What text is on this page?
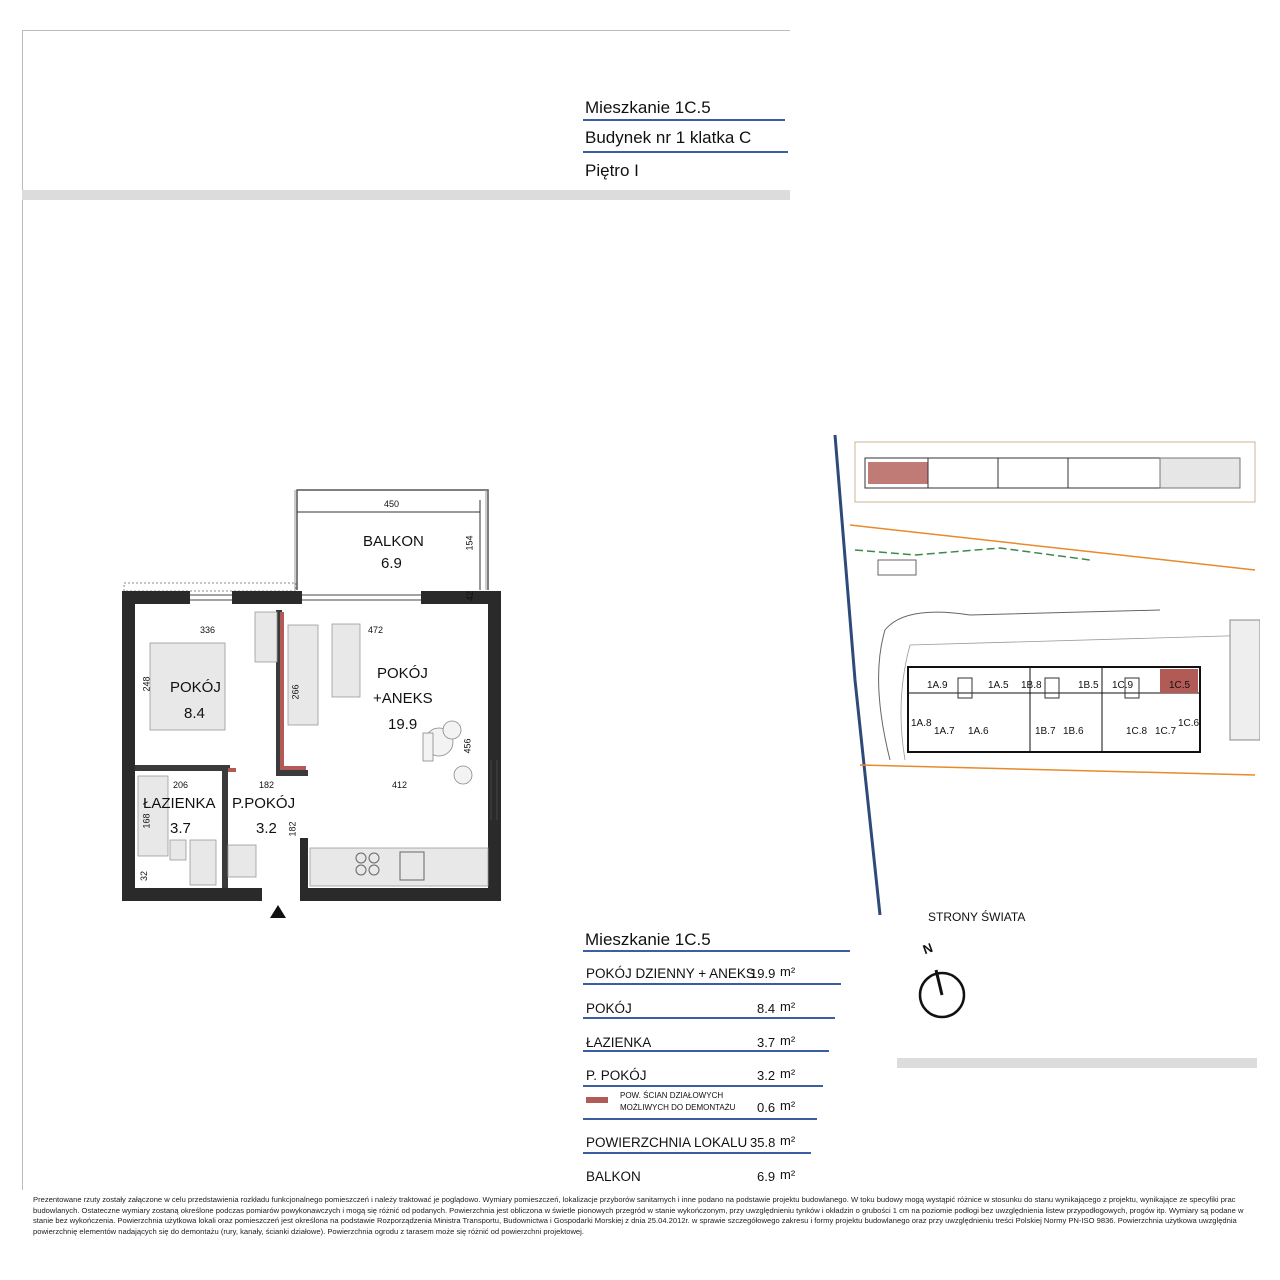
Mieszkanie 1C.5
Budynek nr 1 klatka C
Piętro I
BALKON
6.9
POKÓJ
8.4
POKÓJ
+ANEKS
19.9
ŁAZIENKA
3.7
P.POKÓJ
3.2
450
154
42
336	472
248
266
456
206	182	412
168
182
32
1A.9	1A.5 1B.8	1B.5 1C.9	1C.5
1A.8
1A.7 1A.6	1B.7 1B.6	1C.8 1C.7
1C.6
STRONY ŚWIATA
N
Mieszkanie 1C.5
POKÓJ DZIENNY + ANEKS
19.9 m²
POKÓJ	8.4 m²
ŁAZIENKA	3.7 m²
P. POKÓJ	3.2 m²
POW. ŚCIAN DZIAŁOWYCH
MOŻLIWYCH DO DEMONTAŻU 0.6 m²
POWIERZCHNIA LOKALU 35.8 m²
BALKON	6.9 m²
Prezentowane rzuty zostały załączone w celu przedstawienia rozkładu funkcjonalnego pomieszczeń i należy traktować je poglądowo. Wymiary pomieszczeń, lokalizacje przyborów sanitarnych i inne podano na podstawie projektu budowlanego. W toku budowy mogą wystąpić różnice w stosunku do stanu wynikającego z projektu, wynikające ze specyfiki prac budowlanych. Ostateczne wymiary zostaną określone podczas pomiarów powykonawczych i mogą się różnić od podanych. Powierzchnia jest obliczona w świetle pionowych przegród w stanie wykończonym, przy uwzględnieniu tynków i okładzin o grubości 1 cm na poziomie podłogi bez uwzględnienia listew przypodłogowych, progów itp. Wymiary są podane w stanie bez wykończenia. Powierzchnia użytkowa lokali oraz pomieszczeń jest określona na podstawie Rozporządzenia Ministra Transportu, Budownictwa i Gospodarki Morskiej z dnia 25.04.2012r. w sprawie szczegółowego zakresu i formy projektu budowlanego oraz przy uwzględnieniu treści Polskiej Normy PN-ISO 9836. Powierzchnia użytkowa uwzględnia powierzchnię elementów nadających się do demontażu (rury, kanały, ścianki działowe). Powierzchnia ogrodu z tarasem może się różnić od powierzchni projektowej.
